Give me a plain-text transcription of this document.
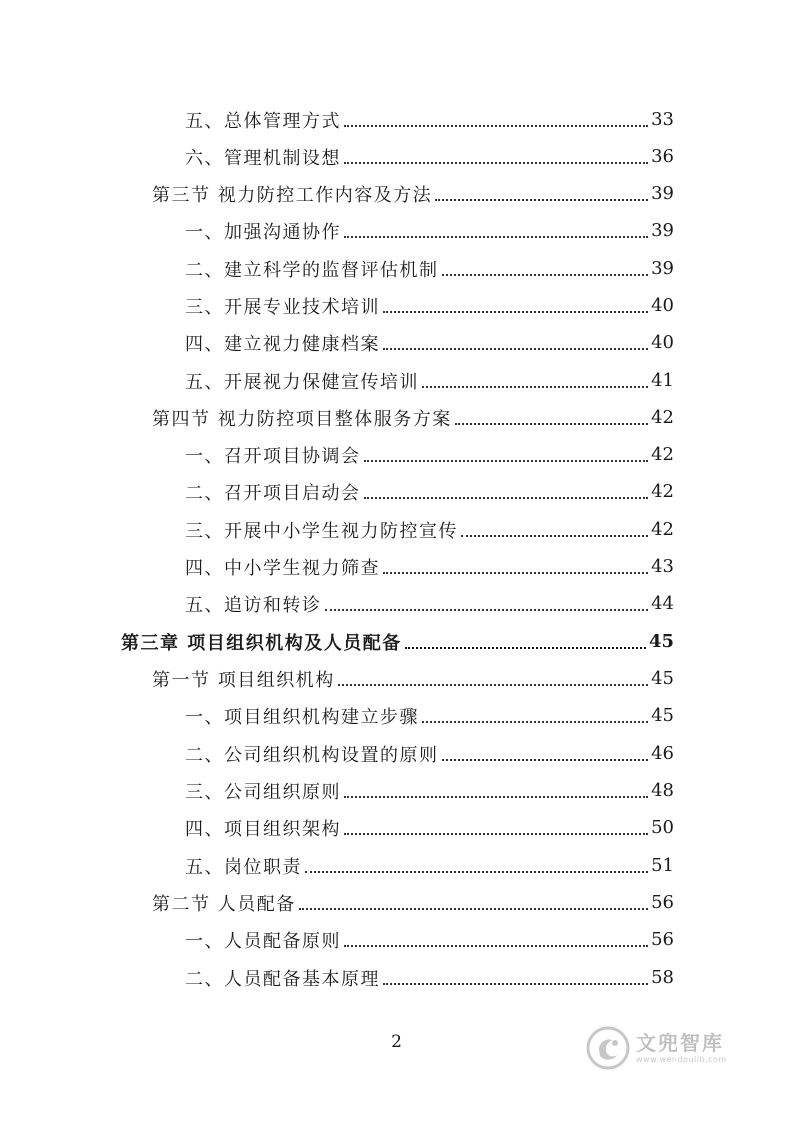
五、总体管理方式	33
六、管理机制设想	36
第三节 视力防控工作内容及方法	39
一、加强沟通协作	39
二、建立科学的监督评估机制	39
三、开展专业技术培训	40
四、建立视力健康档案	40
五、开展视力保健宣传培训	41
第四节 视力防控项目整体服务方案	42
一、召开项目协调会	42
二、召开项目启动会	42
三、开展中小学生视力防控宣传	42
四、中小学生视力筛查	43
五、追访和转诊	44
第三章 项目组织机构及人员配备	45
第一节 项目组织机构	45
一、项目组织机构建立步骤	45
二、公司组织机构设置的原则	46
三、公司组织原则	48
四、项目组织架构	50
五、岗位职责	51
第二节 人员配备	56
一、人员配备原则	56
二、人员配备基本原理	58
2	文兜智库
www.wendoulib.com
